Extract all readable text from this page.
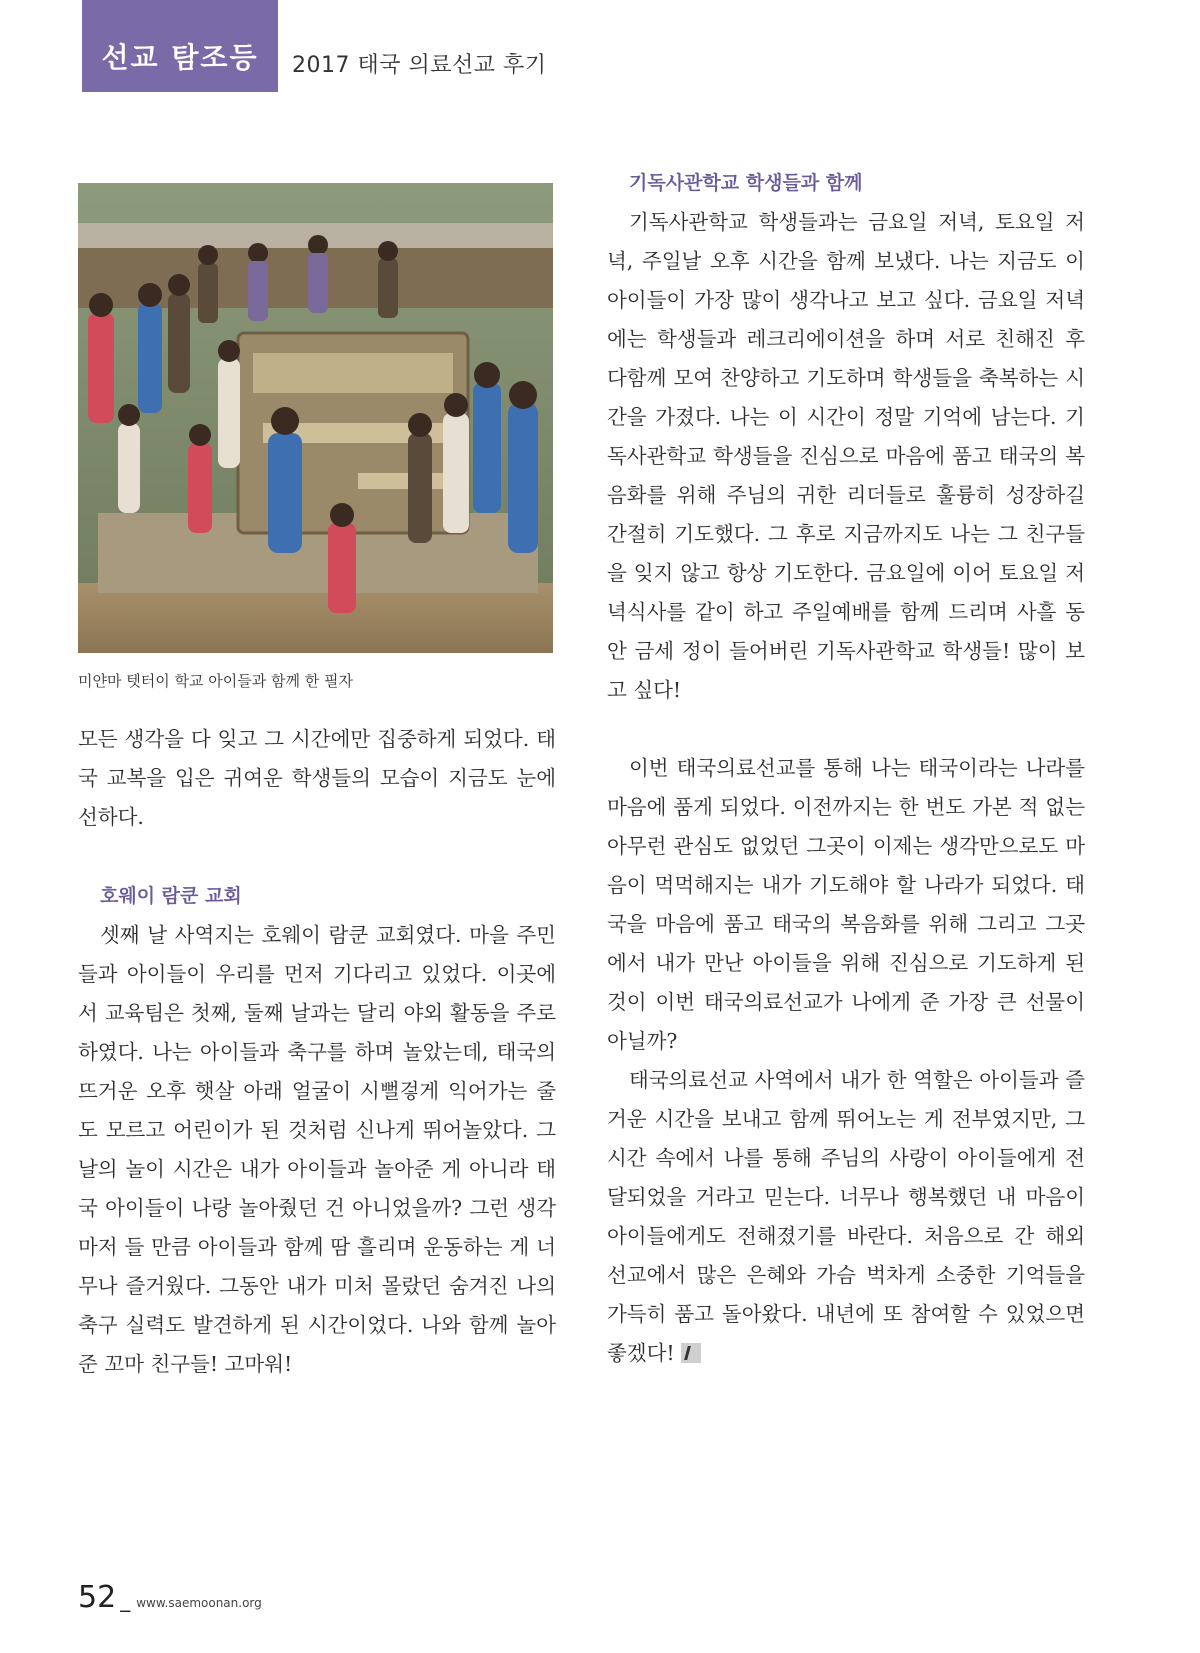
선교 탐조등 2017 태국 의료선교 후기
미얀마 텟터이 학교 아이들과 함께 한 필자

모든 생각을 다 잊고 그 시간에만 집중하게 되었다. 태국 교복을 입은 귀여운 학생들의 모습이 지금도 눈에 선하다.

호웨이 람쿤 교회

셋째 날 사역지는 호웨이 람쿤 교회였다. 마을 주민들과 아이들이 우리를 먼저 기다리고 있었다. 이곳에서 교육팀은 첫째, 둘째 날과는 달리 야외 활동을 주로 하였다. 나는 아이들과 축구를 하며 놀았는데, 태국의 뜨거운 오후 햇살 아래 얼굴이 시뻘겋게 익어가는 줄도 모르고 어린이가 된 것처럼 신나게 뛰어놀았다. 그날의 놀이 시간은 내가 아이들과 놀아준 게 아니라 태국 아이들이 나랑 놀아줬던 건 아니었을까? 그런 생각마저 들 만큼 아이들과 함께 땀 흘리며 운동하는 게 너무나 즐거웠다. 그동안 내가 미처 몰랐던 숨겨진 나의 축구 실력도 발견하게 된 시간이었다. 나와 함께 놀아준 꼬마 친구들! 고마워!

기독사관학교 학생들과 함께

기독사관학교 학생들과는 금요일 저녁, 토요일 저녁, 주일날 오후 시간을 함께 보냈다. 나는 지금도 이 아이들이 가장 많이 생각나고 보고 싶다. 금요일 저녁에는 학생들과 레크리에이션을 하며 서로 친해진 후 다함께 모여 찬양하고 기도하며 학생들을 축복하는 시간을 가졌다. 나는 이 시간이 정말 기억에 남는다. 기독사관학교 학생들을 진심으로 마음에 품고 태국의 복음화를 위해 주님의 귀한 리더들로 훌륭히 성장하길 간절히 기도했다. 그 후로 지금까지도 나는 그 친구들을 잊지 않고 항상 기도한다. 금요일에 이어 토요일 저녁식사를 같이 하고 주일예배를 함께 드리며 사흘 동안 금세 정이 들어버린 기독사관학교 학생들! 많이 보고 싶다!

이번 태국의료선교를 통해 나는 태국이라는 나라를 마음에 품게 되었다. 이전까지는 한 번도 가본 적 없는 아무런 관심도 없었던 그곳이 이제는 생각만으로도 마음이 먹먹해지는 내가 기도해야 할 나라가 되었다. 태국을 마음에 품고 태국의 복음화를 위해 그리고 그곳에서 내가 만난 아이들을 위해 진심으로 기도하게 된 것이 이번 태국의료선교가 나에게 준 가장 큰 선물이 아닐까?

태국의료선교 사역에서 내가 한 역할은 아이들과 즐거운 시간을 보내고 함께 뛰어노는 게 전부였지만, 그 시간 속에서 나를 통해 주님의 사랑이 아이들에게 전달되었을 거라고 믿는다. 너무나 행복했던 내 마음이 아이들에게도 전해졌기를 바란다. 처음으로 간 해외 선교에서 많은 은혜와 가슴 벅차게 소중한 기억들을 가득히 품고 돌아왔다. 내년에 또 참여할 수 있었으면 좋겠다!

52 _ www.saemoonan.org
